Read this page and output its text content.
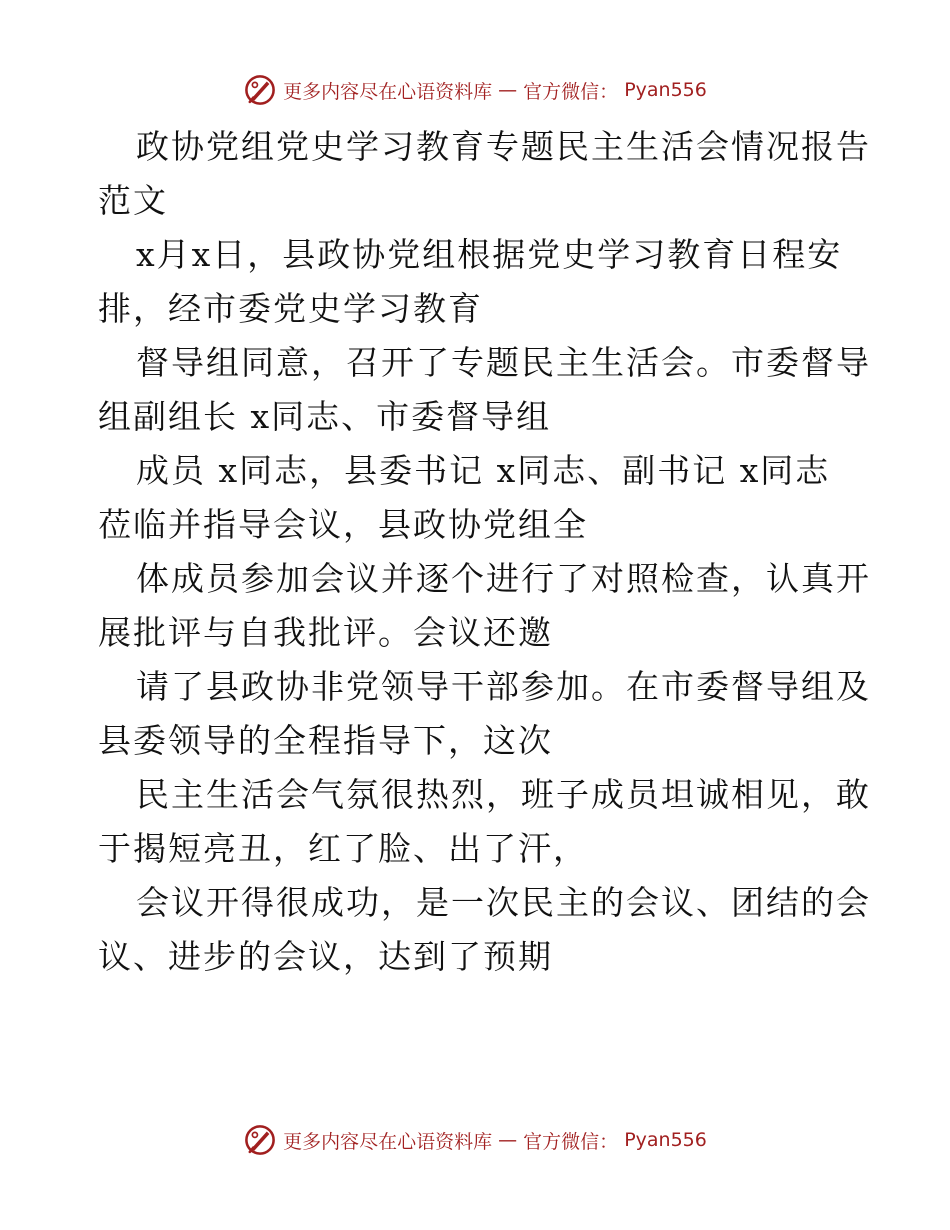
更多内容尽在心语资料库 — 官方微信： Pyan556
政协党组党史学习教育专题民主生活会情况报告
范文
x月x日，县政协党组根据党史学习教育日程安
排，经市委党史学习教育
督导组同意，召开了专题民主生活会。市委督导
组副组长 x同志、市委督导组
成员 x同志，县委书记 x同志、副书记 x同志
莅临并指导会议，县政协党组全
体成员参加会议并逐个进行了对照检查，认真开
展批评与自我批评。会议还邀
请了县政协非党领导干部参加。在市委督导组及
县委领导的全程指导下，这次
民主生活会气氛很热烈，班子成员坦诚相见，敢
于揭短亮丑，红了脸、出了汗，
会议开得很成功，是一次民主的会议、团结的会
议、进步的会议，达到了预期
更多内容尽在心语资料库 — 官方微信： Pyan556
